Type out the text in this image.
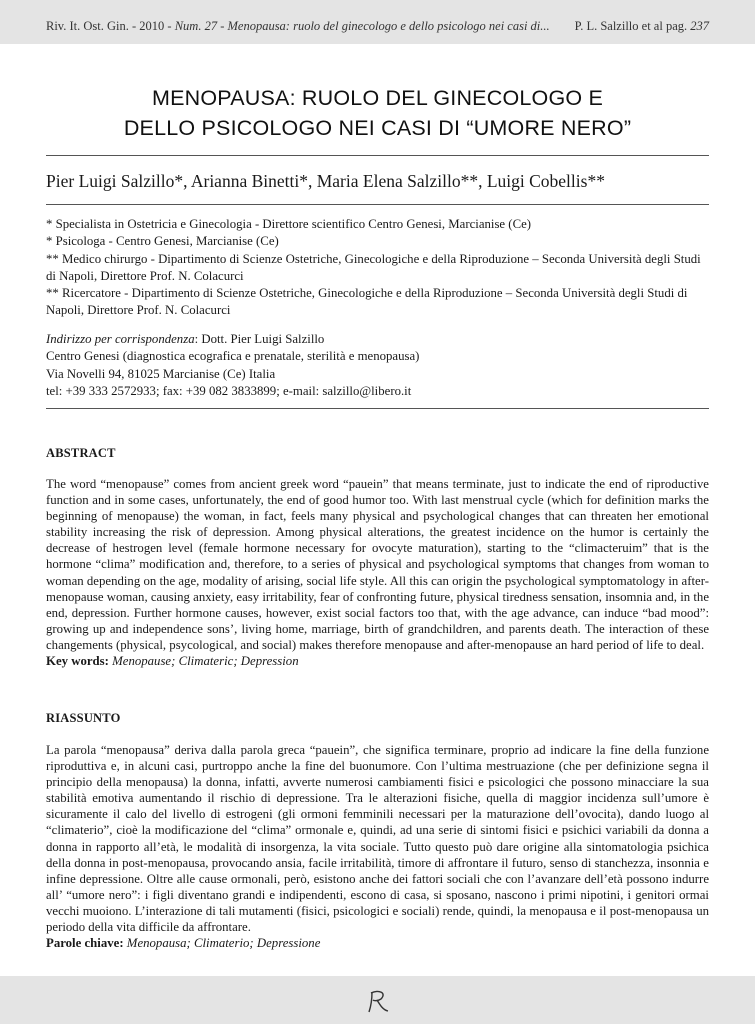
Riv. It. Ost. Gin. - 2010 - Num. 27 - Menopausa: ruolo del ginecologo e dello psicologo nei casi di... P. L. Salzillo et al pag. 237
MENOPAUSA: RUOLO DEL GINECOLOGO E
DELLO PSICOLOGO NEI CASI DI “UMORE NERO”
Pier Luigi Salzillo*, Arianna Binetti*, Maria Elena Salzillo**, Luigi Cobellis**
* Specialista in Ostetricia e Ginecologia - Direttore scientifico Centro Genesi, Marcianise (Ce)
* Psicologa - Centro Genesi, Marcianise (Ce)
** Medico chirurgo - Dipartimento di Scienze Ostetriche, Ginecologiche e della Riproduzione – Seconda Università degli Studi di Napoli, Direttore Prof. N. Colacurci
** Ricercatore - Dipartimento di Scienze Ostetriche, Ginecologiche e della Riproduzione – Seconda Università degli Studi di Napoli, Direttore Prof. N. Colacurci
Indirizzo per corrispondenza: Dott. Pier Luigi Salzillo
Centro Genesi (diagnostica ecografica e prenatale, sterilità e menopausa)
Via Novelli 94, 81025 Marcianise (Ce) Italia
tel: +39 333 2572933; fax: +39 082 3833899; e-mail: salzillo@libero.it
ABSTRACT
The word “menopause” comes from ancient greek word “pauein” that means terminate, just to indicate the end of riproductive function and in some cases, unfortunately, the end of good humor too. With last menstrual cycle (which for definition marks the beginning of menopause) the woman, in fact, feels many physical and psychological changes that can threaten her emotional stability increasing the risk of depression. Among physical alterations, the greatest incidence on the humor is certainly the decrease of hestrogen level (female hormone necessary for ovocyte maturation), starting to the “climacteruim” that is the hormone “clima” modification and, therefore, to a series of physical and psychological symptoms that changes from woman to woman depending on the age, modality of arising, social life style. All this can origin the psychological symptomatology in after-menopause woman, causing anxiety, easy irritability, fear of confronting future, physical tiredness sensation, insomnia and, in the end, depression. Further hormone causes, however, exist social factors too that, with the age advance, can induce “bad mood”: growing up and independence sons’, living home, marriage, birth of grandchildren, and parents death. The interaction of these changements (physical, psycological, and social) makes therefore menopause and after-menopause an hard period of life to deal.
Key words: Menopause; Climateric; Depression
RIASSUNTO
La parola “menopausa” deriva dalla parola greca “pauein”, che significa terminare, proprio ad indicare la fine della funzione riproduttiva e, in alcuni casi, purtroppo anche la fine del buonumore. Con l’ultima mestruazione (che per definizione segna il principio della menopausa) la donna, infatti, avverte numerosi cambiamenti fisici e psicologici che possono minacciare la sua stabilità emotiva aumentando il rischio di depressione. Tra le alterazioni fisiche, quella di maggior incidenza sull’umore è sicuramente il calo del livello di estrogeni (gli ormoni femminili necessari per la maturazione dell’ovocita), dando luogo al “climaterio”, cioè la modificazione del “clima” ormonale e, quindi, ad una serie di sintomi fisici e psichici variabili da donna a donna in rapporto all’età, le modalità di insorgenza, la vita sociale. Tutto questo può dare origine alla sintomatologia psichica della donna in post-menopausa, provocando ansia, facile irritabilità, timore di affrontare il futuro, senso di stanchezza, insonnia e infine depressione. Oltre alle cause ormonali, però, esistono anche dei fattori sociali che con l’avanzare dell’età possono indurre all’ “umore nero”: i figli diventano grandi e indipendenti, escono di casa, si sposano, nascono i primi nipotini, i genitori ormai vecchi muoiono. L’interazione di tali mutamenti (fisici, psicologici e sociali) rende, quindi, la menopausa e il post-menopausa un periodo della vita difficile da affrontare.
Parole chiave: Menopausa; Climaterio; Depressione
